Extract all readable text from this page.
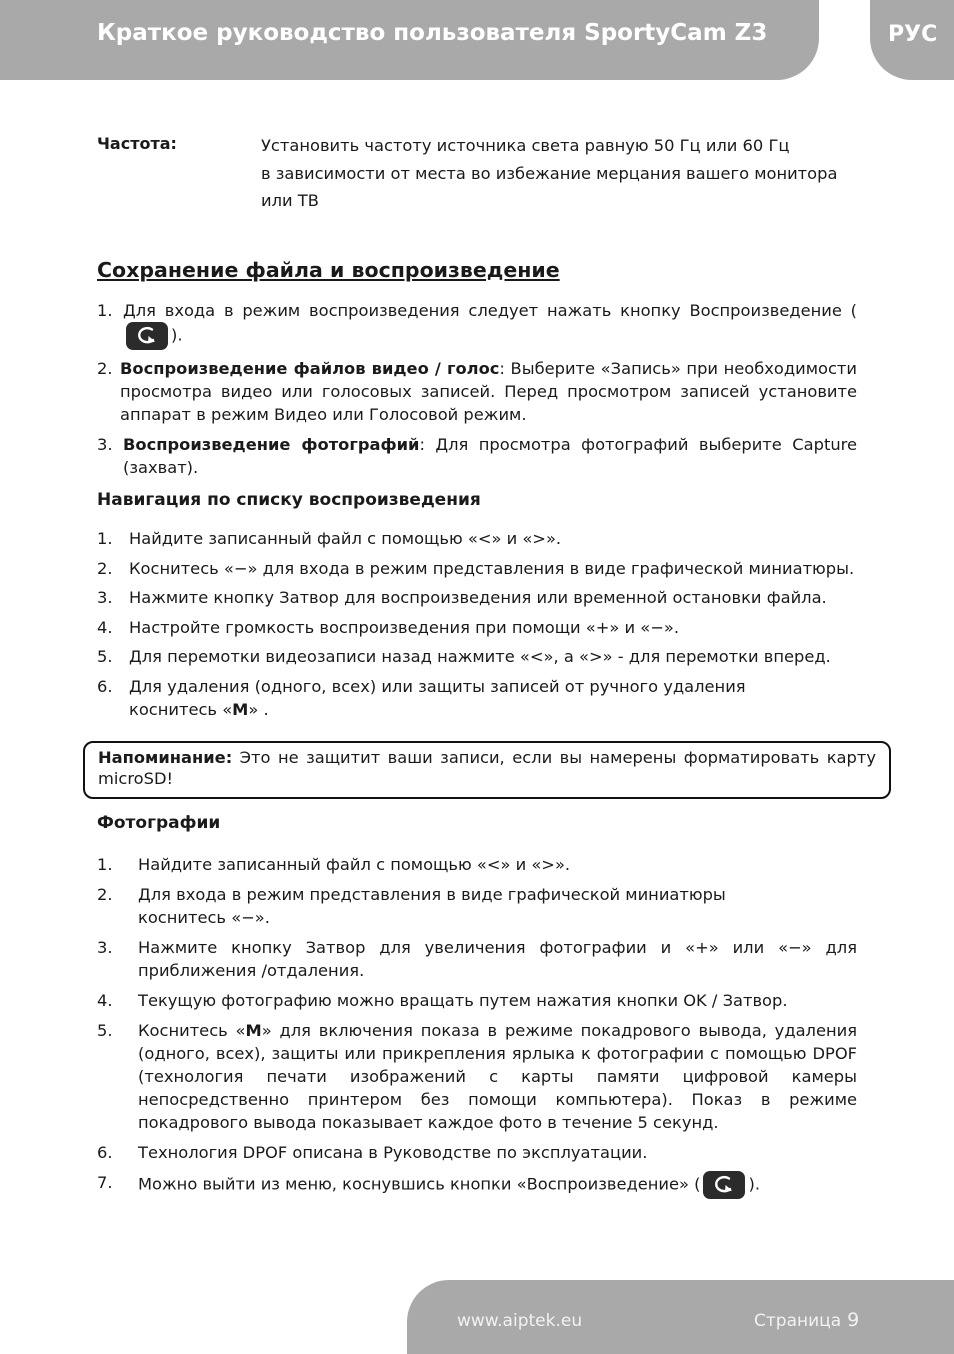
Краткое руководство пользователя SportyCam Z3	РУС
Частота:	Установить частоту источника света равную 50 Гц или 60 Гц
в зависимости от места во избежание мерцания вашего монитора
или ТВ
Сохранение файла и воспроизведение
1. Для входа в режим воспроизведения следует нажать кнопку Воспроизведение (
).
2. Воспроизведение файлов видео / голос: Выберите «Запись» при необходимости просмотра видео или голосовых записей. Перед просмотром записей установите аппарат в режим Видео или Голосовой режим.
3. Воспроизведение фотографий: Для просмотра фотографий выберите Capture (захват).
Навигация по списку воспроизведения
1.	Найдите записанный файл с помощью «<» и «>».
2.	Коснитесь «−» для входа в режим представления в виде графической миниатюры.
3.	Нажмите кнопку Затвор для воспроизведения или временной остановки файла.
4.	Настройте громкость воспроизведения при помощи «+» и «−».
5.	Для перемотки видеозаписи назад нажмите «<», а «>» - для перемотки вперед.
6.	Для удаления (одного, всех) или защиты записей от ручного удаления
коснитесь «M» .
Напоминание: Это не защитит ваши записи, если вы намерены форматировать карту microSD!
Фотографии
1.	Найдите записанный файл с помощью «<» и «>».
2.	Для входа в режим представления в виде графической миниатюры
коснитесь «−».
3.	Нажмите кнопку Затвор для увеличения фотографии и «+» или «−» для приближения /отдаления.
4.	Текущую фотографию можно вращать путем нажатия кнопки OK / Затвор.
5.	Коснитесь «M» для включения показа в режиме покадрового вывода, удаления (одного, всех), защиты или прикрепления ярлыка к фотографии с помощью DPOF (технология печати изображений с карты памяти цифровой камеры непосредственно принтером без помощи компьютера). Показ в режиме покадрового вывода показывает каждое фото в течение 5 секунд.
6.	Технология DPOF описана в Руководстве по эксплуатации.
7.	Можно выйти из меню, коснувшись кнопки «Воспроизведение» (	).
www.aiptek.eu	Страница 9
